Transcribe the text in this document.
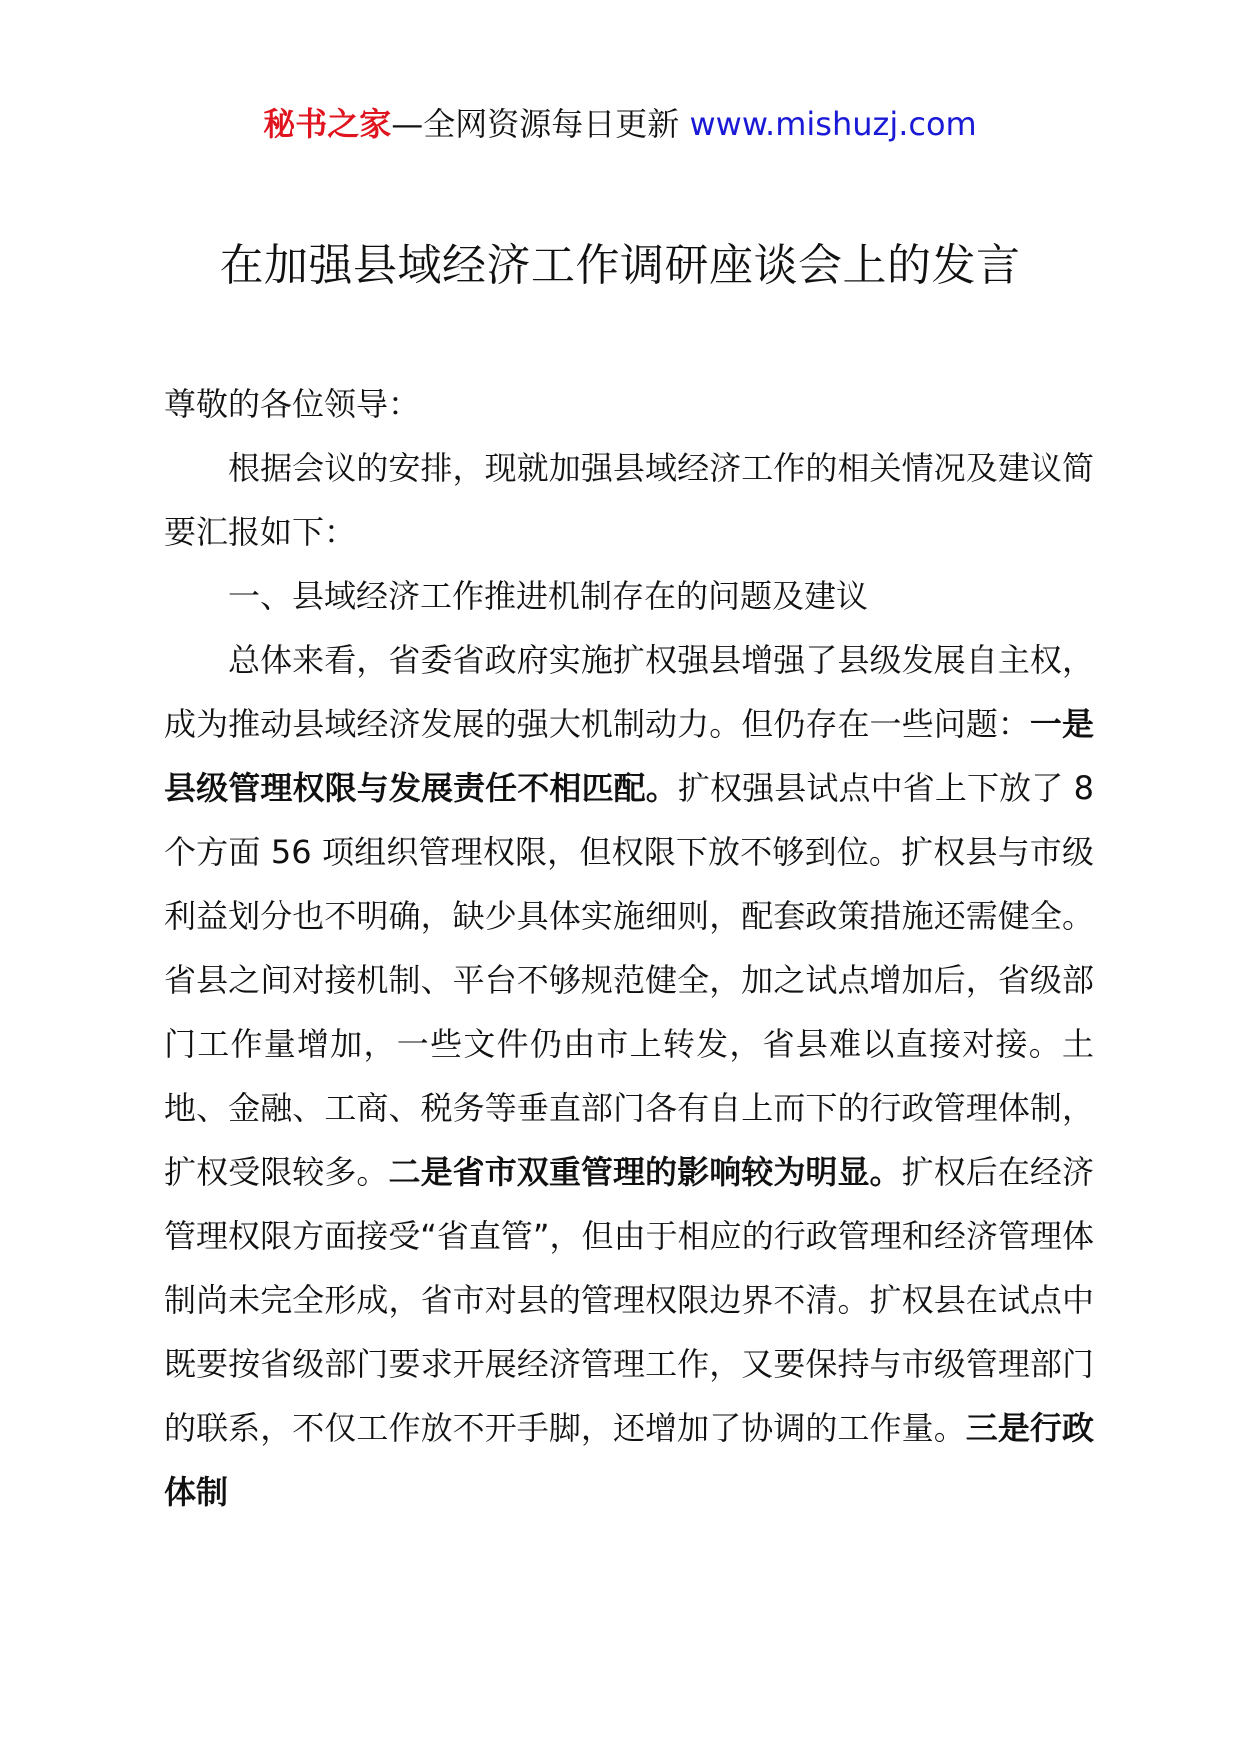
秘书之家—全网资源每日更新 www.mishuzj.com
在加强县域经济工作调研座谈会上的发言

尊敬的各位领导：

根据会议的安排，现就加强县域经济工作的相关情况及建议简要汇报如下：

一、县域经济工作推进机制存在的问题及建议

总体来看，省委省政府实施扩权强县增强了县级发展自主权，成为推动县域经济发展的强大机制动力。但仍存在一些问题：一是县级管理权限与发展责任不相匹配。扩权强县试点中省上下放了 8 个方面 56 项组织管理权限，但权限下放不够到位。扩权县与市级利益划分也不明确，缺少具体实施细则，配套政策措施还需健全。省县之间对接机制、平台不够规范健全，加之试点增加后，省级部门工作量增加，一些文件仍由市上转发，省县难以直接对接。土地、金融、工商、税务等垂直部门各有自上而下的行政管理体制，扩权受限较多。二是省市双重管理的影响较为明显。扩权后在经济管理权限方面接受“省直管”，但由于相应的行政管理和经济管理体制尚未完全形成，省市对县的管理权限边界不清。扩权县在试点中既要按省级部门要求开展经济管理工作，又要保持与市级管理部门的联系，不仅工作放不开手脚，还增加了协调的工作量。三是行政体制
